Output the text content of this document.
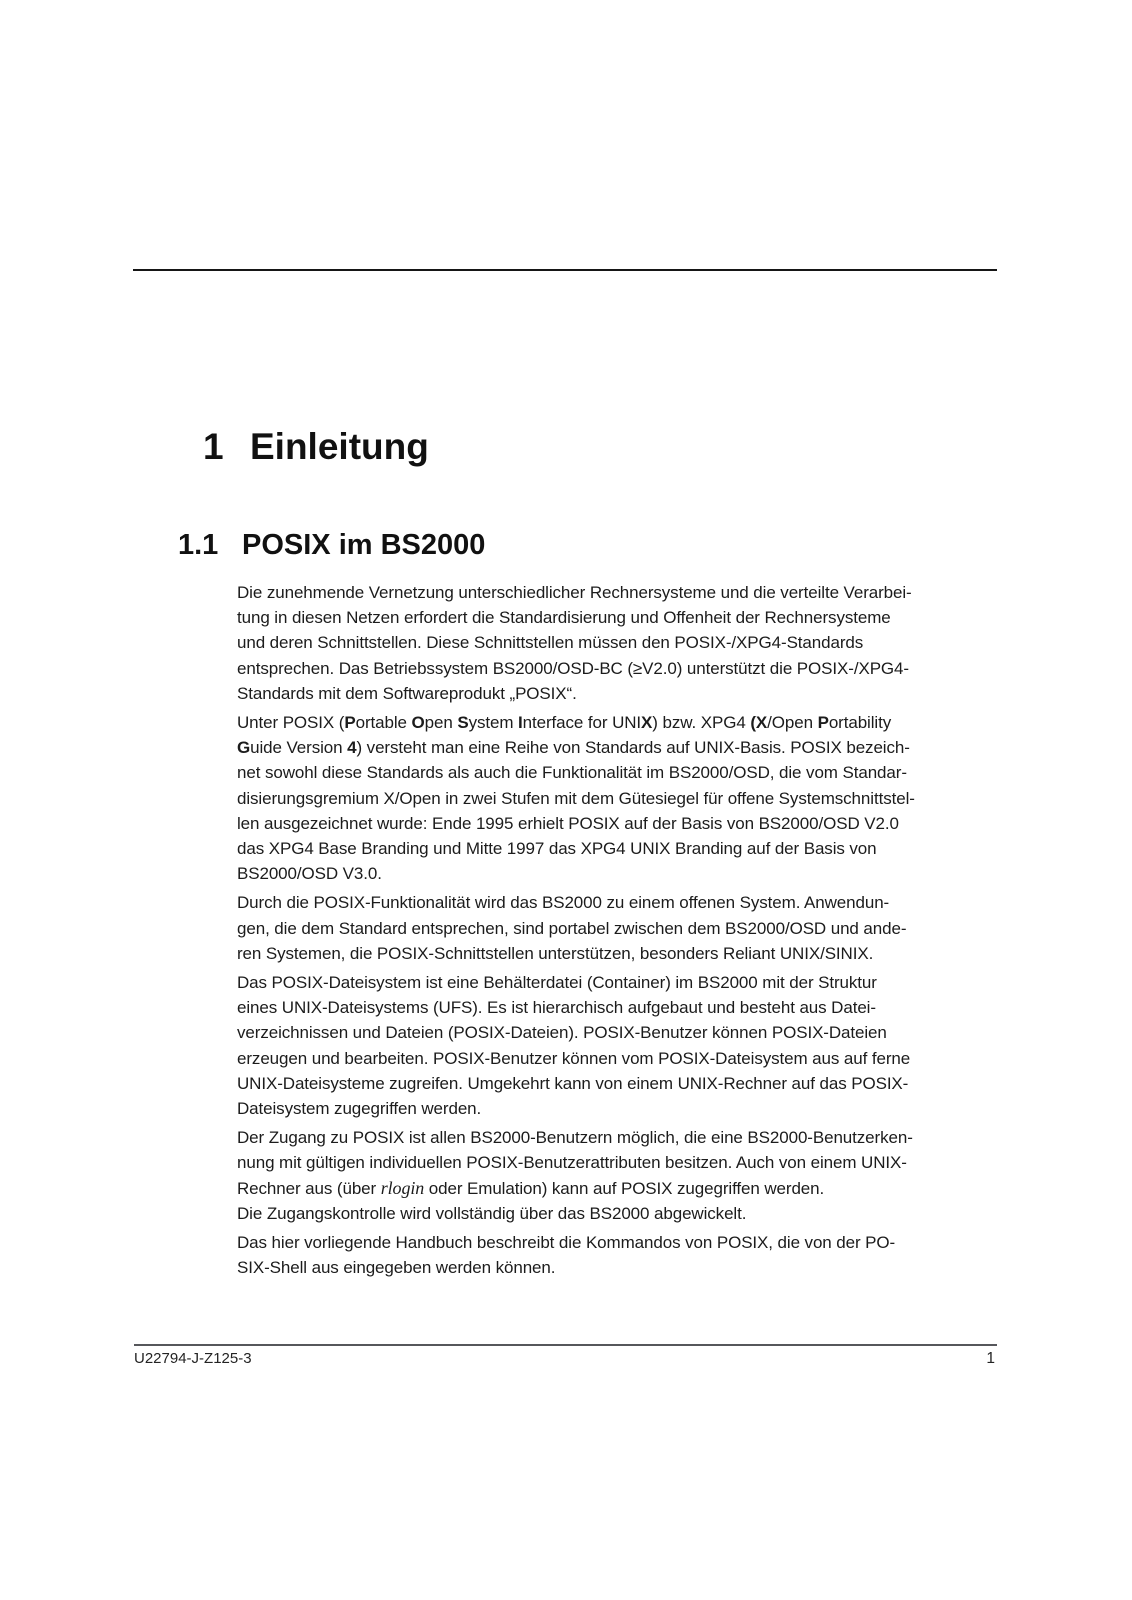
1 Einleitung
1.1 POSIX im BS2000

Die zunehmende Vernetzung unterschiedlicher Rechnersysteme und die verteilte Verarbei-
tung in diesen Netzen erfordert die Standardisierung und Offenheit der Rechnersysteme
und deren Schnittstellen. Diese Schnittstellen müssen den POSIX-/XPG4-Standards
entsprechen. Das Betriebssystem BS2000/OSD-BC (≥V2.0) unterstützt die POSIX-/XPG4-
Standards mit dem Softwareprodukt „POSIX“.

Unter POSIX (Portable Open System Interface for UNIX) bzw. XPG4 (X/Open Portability
Guide Version 4) versteht man eine Reihe von Standards auf UNIX-Basis. POSIX bezeich-
net sowohl diese Standards als auch die Funktionalität im BS2000/OSD, die vom Standar-
disierungsgremium X/Open in zwei Stufen mit dem Gütesiegel für offene Systemschnittstel-
len ausgezeichnet wurde: Ende 1995 erhielt POSIX auf der Basis von BS2000/OSD V2.0
das XPG4 Base Branding und Mitte 1997 das XPG4 UNIX Branding auf der Basis von
BS2000/OSD V3.0.

Durch die POSIX-Funktionalität wird das BS2000 zu einem offenen System. Anwendun-
gen, die dem Standard entsprechen, sind portabel zwischen dem BS2000/OSD und ande-
ren Systemen, die POSIX-Schnittstellen unterstützen, besonders Reliant UNIX/SINIX.

Das POSIX-Dateisystem ist eine Behälterdatei (Container) im BS2000 mit der Struktur
eines UNIX-Dateisystems (UFS). Es ist hierarchisch aufgebaut und besteht aus Datei-
verzeichnissen und Dateien (POSIX-Dateien). POSIX-Benutzer können POSIX-Dateien
erzeugen und bearbeiten. POSIX-Benutzer können vom POSIX-Dateisystem aus auf ferne
UNIX-Dateisysteme zugreifen. Umgekehrt kann von einem UNIX-Rechner auf das POSIX-
Dateisystem zugegriffen werden.

Der Zugang zu POSIX ist allen BS2000-Benutzern möglich, die eine BS2000-Benutzerken-
nung mit gültigen individuellen POSIX-Benutzerattributen besitzen. Auch von einem UNIX-
Rechner aus (über rlogin oder Emulation) kann auf POSIX zugegriffen werden.
Die Zugangskontrolle wird vollständig über das BS2000 abgewickelt.

Das hier vorliegende Handbuch beschreibt die Kommandos von POSIX, die von der PO-
SIX-Shell aus eingegeben werden können.

U22794-J-Z125-3	1
